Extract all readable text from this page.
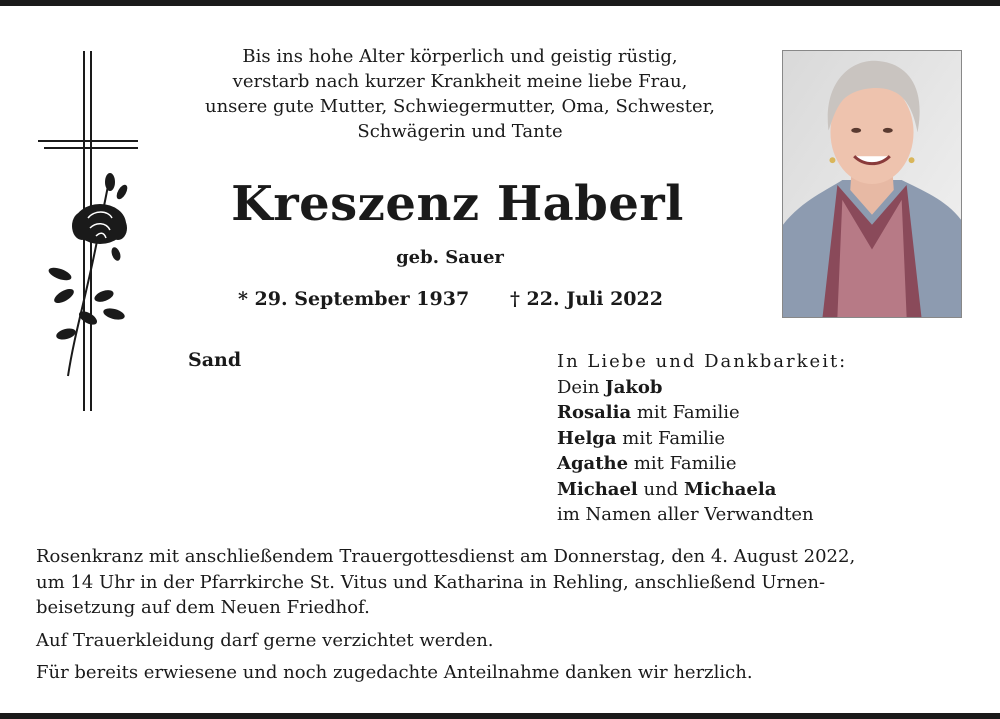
Bis ins hohe Alter körperlich und geistig rüstig,
verstarb nach kurzer Krankheit meine liebe Frau,
unsere gute Mutter, Schwiegermutter, Oma, Schwester,
Schwägerin und Tante
Kreszenz Haberl
geb. Sauer
* 29. September 1937 † 22. Juli 2022
Sand	In Liebe und Dankbarkeit:
Dein Jakob
Rosalia mit Familie
Helga mit Familie
Agathe mit Familie
Michael und Michaela
im Namen aller Verwandten

Rosenkranz mit anschließendem Trauergottesdienst am Donnerstag, den 4. August 2022,
um 14 Uhr in der Pfarrkirche St. Vitus und Katharina in Rehling, anschließend Urnen-
beisetzung auf dem Neuen Friedhof.

Auf Trauerkleidung darf gerne verzichtet werden.

Für bereits erwiesene und noch zugedachte Anteilnahme danken wir herzlich.
